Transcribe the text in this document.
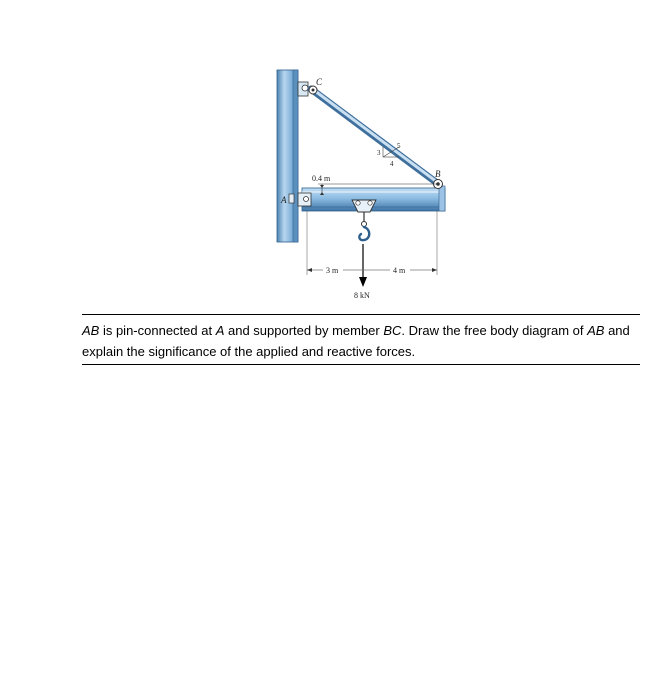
5
3
4
A
B
C
0.4 m
8 kN
3 m	4 m
AB is pin-connected at A and supported by member BC. Draw the free body diagram of AB and explain the significance of the applied and reactive forces.
